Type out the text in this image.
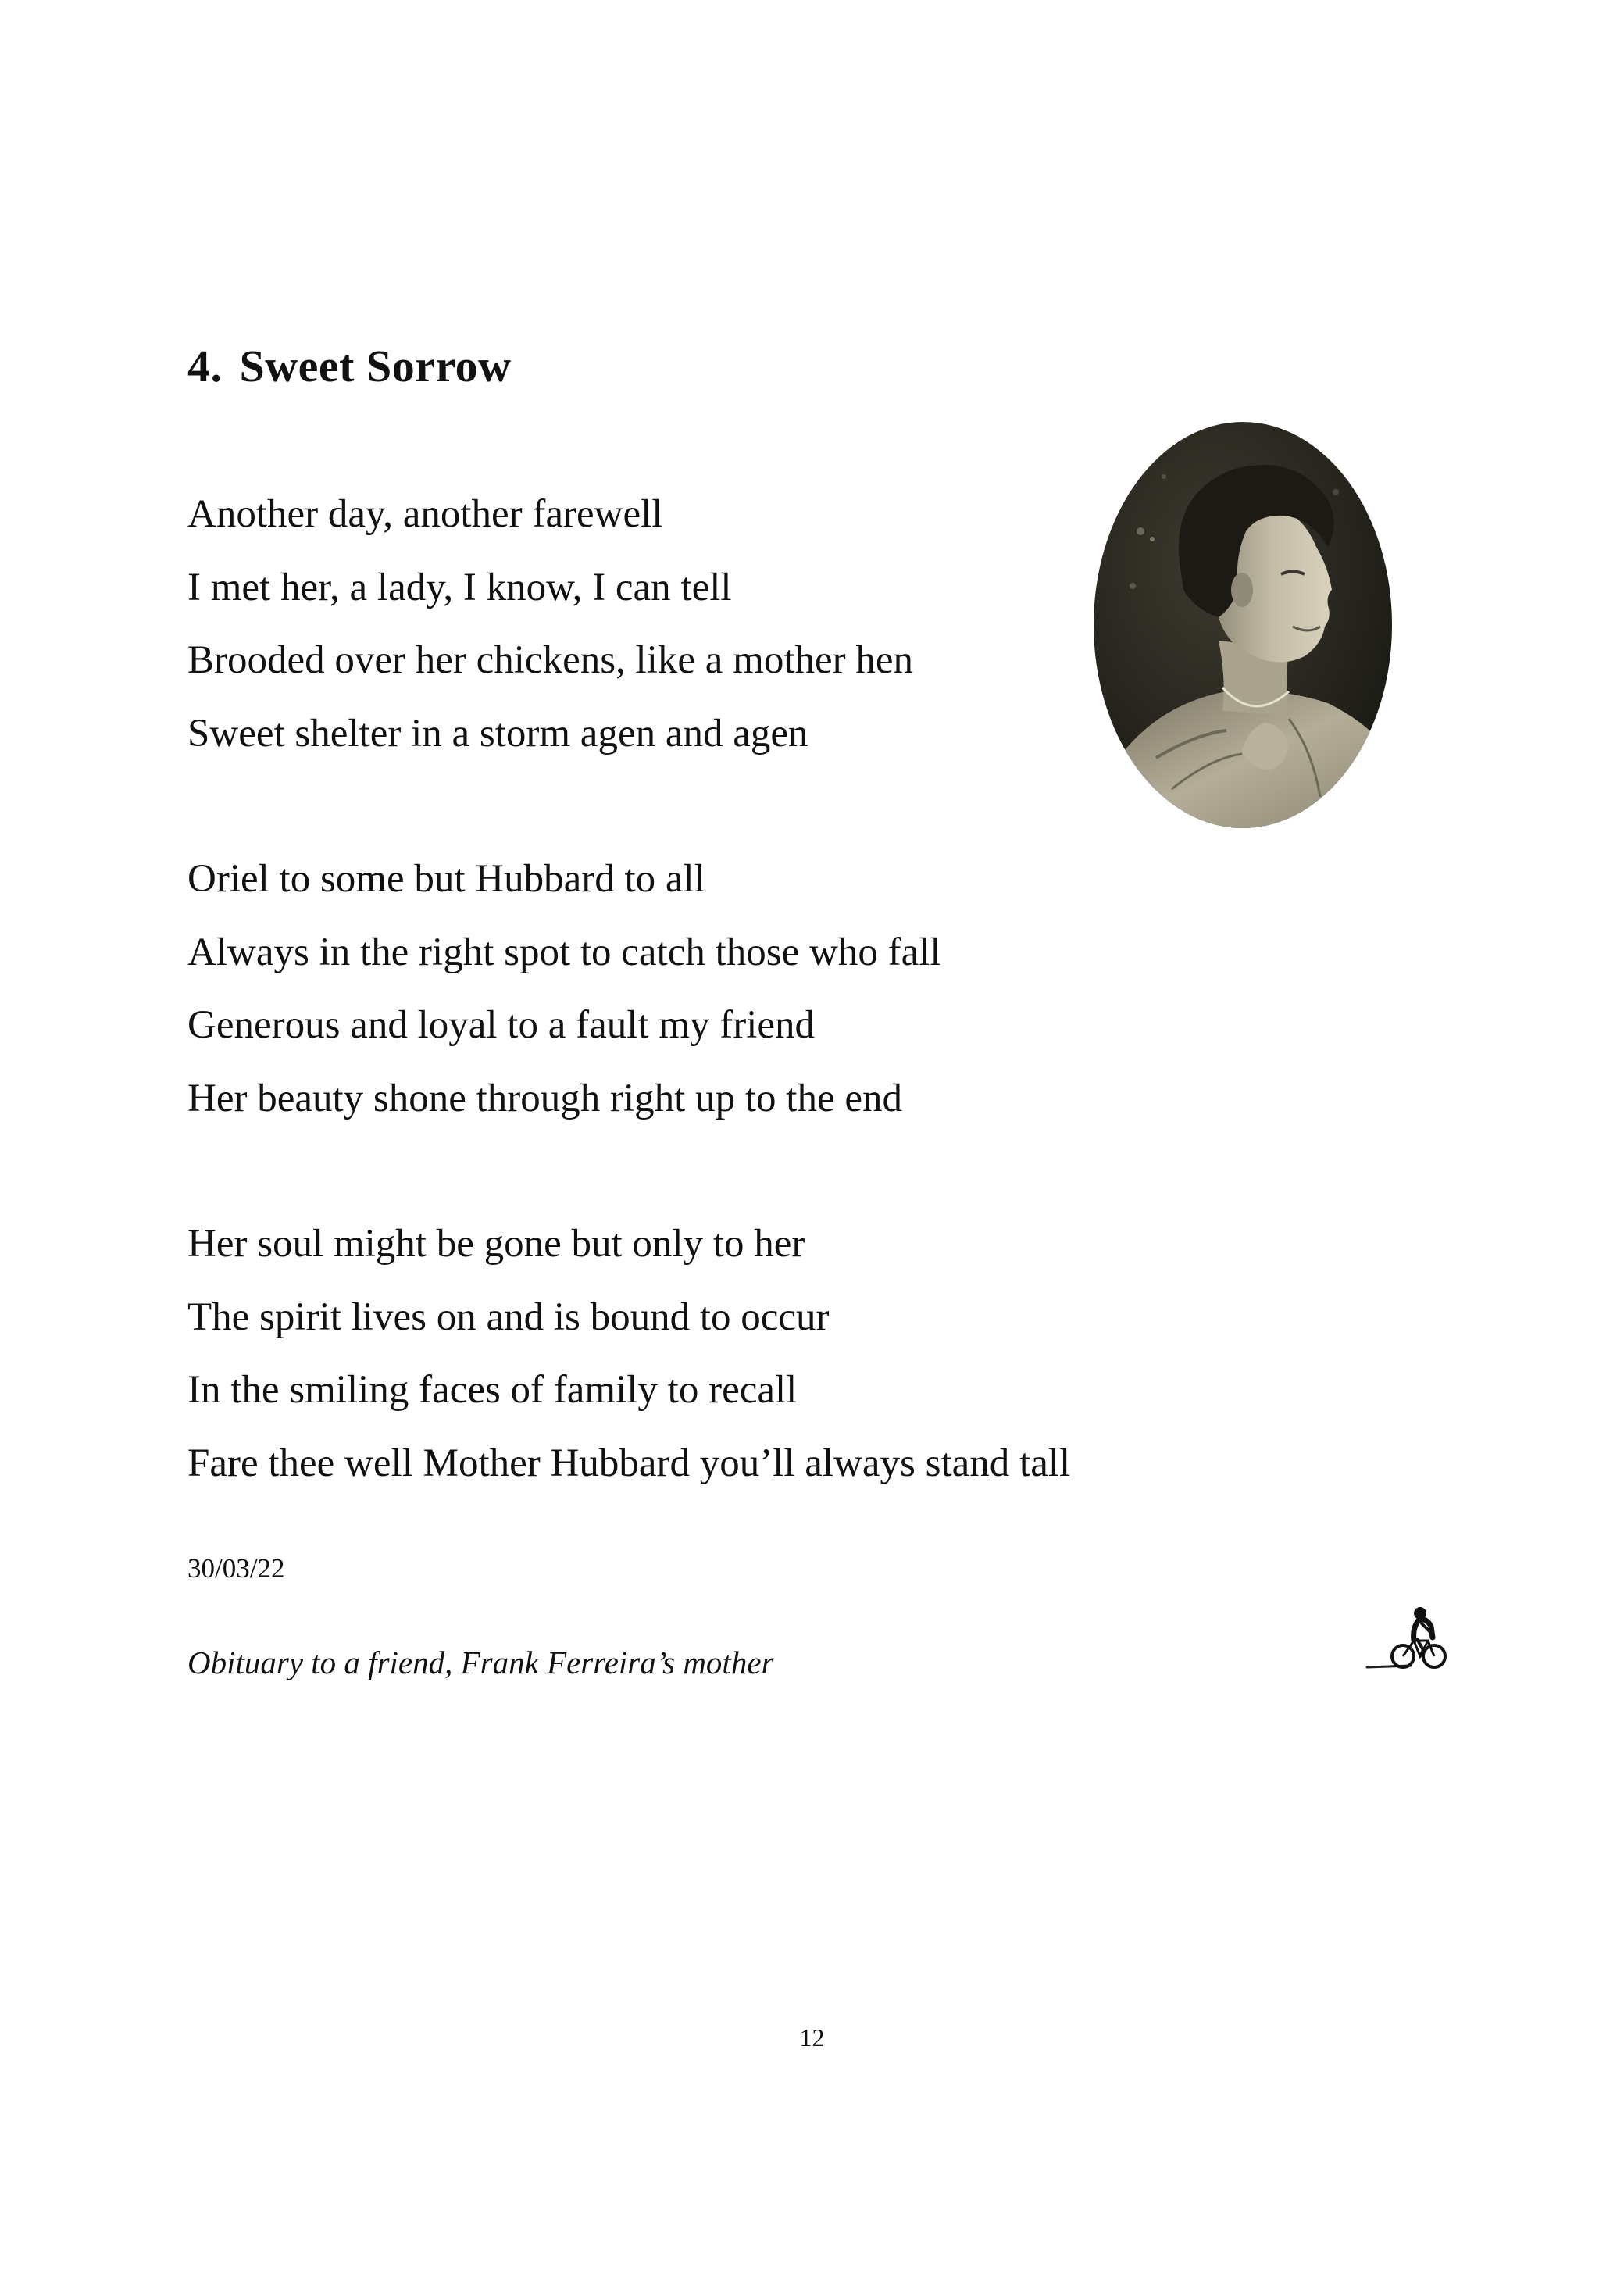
4. Sweet Sorrow
Another day, another farewell
I met her, a lady, I know, I can tell
Brooded over her chickens, like a mother hen
Sweet shelter in a storm agen and agen
Oriel to some but Hubbard to all
Always in the right spot to catch those who fall
Generous and loyal to a fault my friend
Her beauty shone through right up to the end
Her soul might be gone but only to her
The spirit lives on and is bound to occur
In the smiling faces of family to recall
Fare thee well Mother Hubbard you’ll always stand tall
30/03/22
Obituary to a friend, Frank Ferreira’s mother
12
